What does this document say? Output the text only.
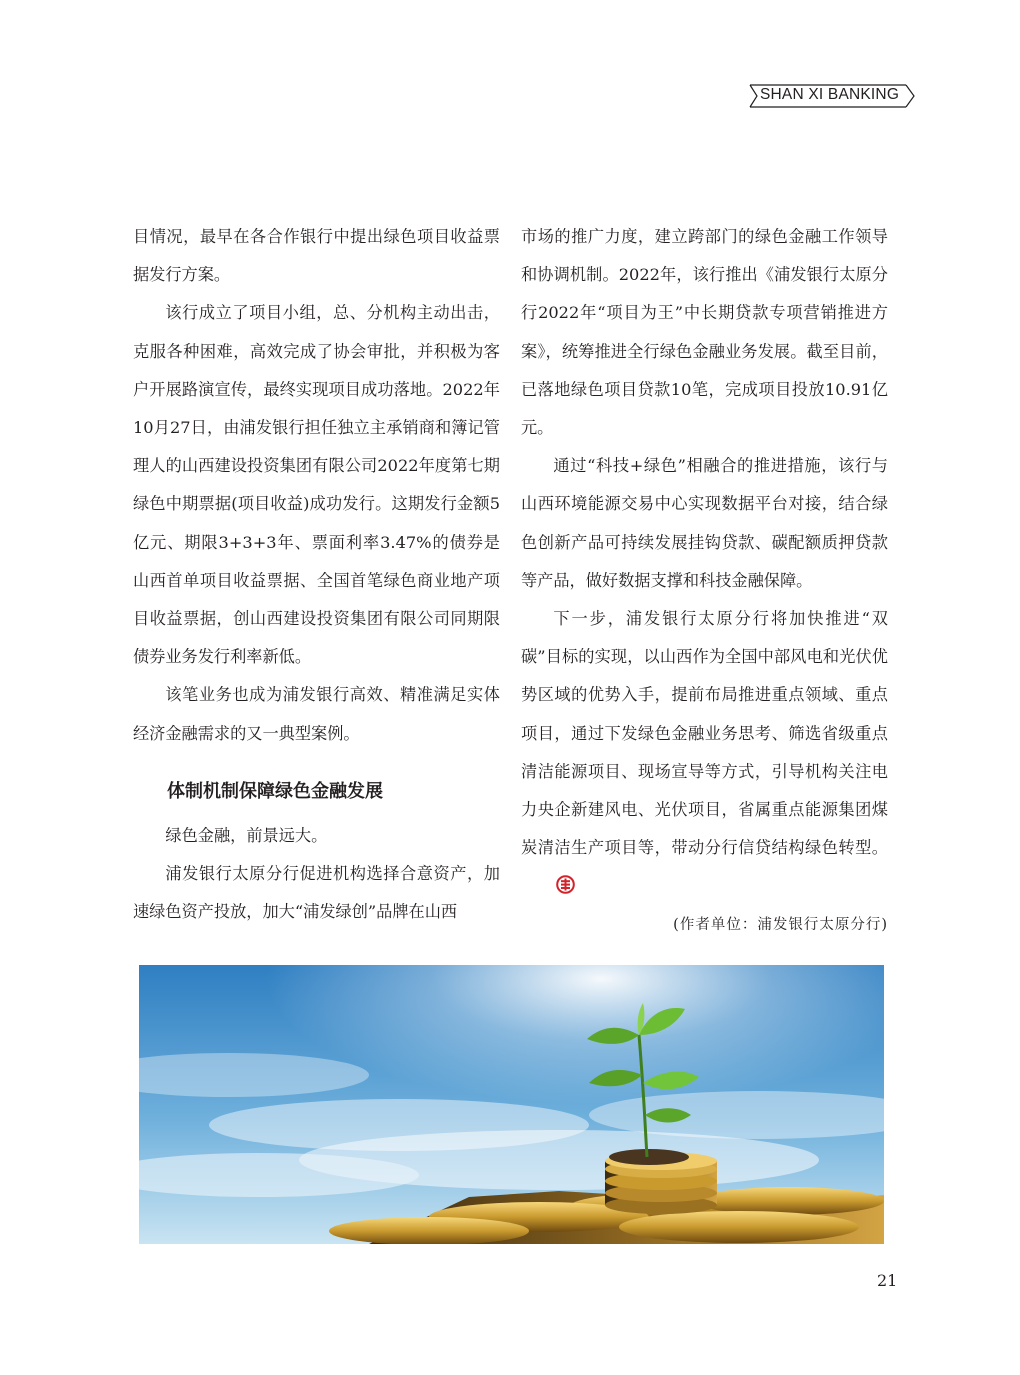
SHAN XI BANKING

目情况，最早在各合作银行中提出绿色项目收益票据发行方案。

该行成立了项目小组，总、分机构主动出击，克服各种困难，高效完成了协会审批，并积极为客户开展路演宣传，最终实现项目成功落地。2022年10月27日，由浦发银行担任独立主承销商和簿记管理人的山西建设投资集团有限公司2022年度第七期绿色中期票据(项目收益)成功发行。这期发行金额5亿元、期限3+3+3年、票面利率3.47%的债券是山西首单项目收益票据、全国首笔绿色商业地产项目收益票据，创山西建设投资集团有限公司同期限债券业务发行利率新低。

该笔业务也成为浦发银行高效、精准满足实体经济金融需求的又一典型案例。

体制机制保障绿色金融发展

绿色金融，前景远大。

浦发银行太原分行促进机构选择合意资产，加速绿色资产投放，加大“浦发绿创”品牌在山西

市场的推广力度，建立跨部门的绿色金融工作领导和协调机制。2022年，该行推出《浦发银行太原分行2022年“项目为王”中长期贷款专项营销推进方案》，统筹推进全行绿色金融业务发展。截至目前，已落地绿色项目贷款10笔，完成项目投放10.91亿元。

通过“科技+绿色”相融合的推进措施，该行与山西环境能源交易中心实现数据平台对接，结合绿色创新产品可持续发展挂钩贷款、碳配额质押贷款等产品，做好数据支撑和科技金融保障。

下一步，浦发银行太原分行将加快推进“双碳”目标的实现，以山西作为全国中部风电和光伏优势区域的优势入手，提前布局推进重点领域、重点项目，通过下发绿色金融业务思考、筛选省级重点清洁能源项目、现场宣导等方式，引导机构关注电力央企新建风电、光伏项目，省属重点能源集团煤炭清洁生产项目等，带动分行信贷结构绿色转型。

(作者单位：浦发银行太原分行)
21
